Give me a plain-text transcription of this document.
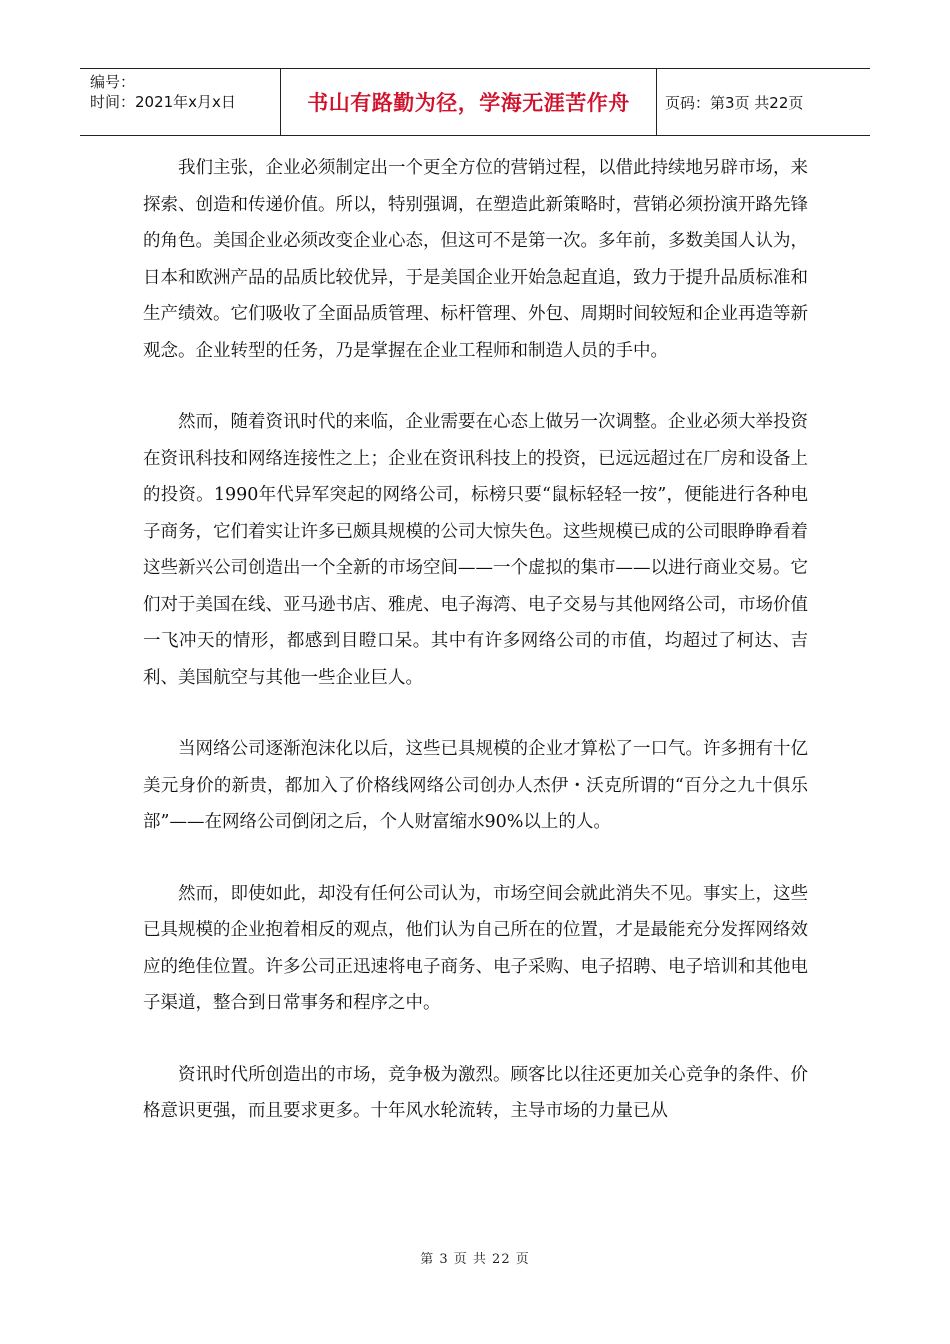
编号：
时间：2021年x月x日	书山有路勤为径，学海无涯苦作舟	页码：第3页 共22页

我们主张，企业必须制定出一个更全方位的营销过程，以借此持续地另辟市场，来探索、创造和传递价值。所以，特别强调，在塑造此新策略时，营销必须扮演开路先锋的角色。美国企业必须改变企业心态，但这可不是第一次。多年前，多数美国人认为，日本和欧洲产品的品质比较优异，于是美国企业开始急起直追，致力于提升品质标准和生产绩效。它们吸收了全面品质管理、标杆管理、外包、周期时间较短和企业再造等新观念。企业转型的任务，乃是掌握在企业工程师和制造人员的手中。

然而，随着资讯时代的来临，企业需要在心态上做另一次调整。企业必须大举投资在资讯科技和网络连接性之上；企业在资讯科技上的投资，已远远超过在厂房和设备上的投资。1990年代异军突起的网络公司，标榜只要“鼠标轻轻一按”，便能进行各种电子商务，它们着实让许多已颇具规模的公司大惊失色。这些规模已成的公司眼睁睁看着这些新兴公司创造出一个全新的市场空间——一个虚拟的集市——以进行商业交易。它们对于美国在线、亚马逊书店、雅虎、电子海湾、电子交易与其他网络公司，市场价值一飞冲天的情形，都感到目瞪口呆。其中有许多网络公司的市值，均超过了柯达、吉利、美国航空与其他一些企业巨人。

当网络公司逐渐泡沫化以后，这些已具规模的企业才算松了一口气。许多拥有十亿美元身价的新贵，都加入了价格线网络公司创办人杰伊・沃克所谓的“百分之九十俱乐部”——在网络公司倒闭之后，个人财富缩水90%以上的人。

然而，即使如此，却没有任何公司认为，市场空间会就此消失不见。事实上，这些已具规模的企业抱着相反的观点，他们认为自己所在的位置，才是最能充分发挥网络效应的绝佳位置。许多公司正迅速将电子商务、电子采购、电子招聘、电子培训和其他电子渠道，整合到日常事务和程序之中。

资讯时代所创造出的市场，竞争极为激烈。顾客比以往还更加关心竞争的条件、价格意识更强，而且要求更多。十年风水轮流转，主导市场的力量已从

第 3 页 共 22 页
